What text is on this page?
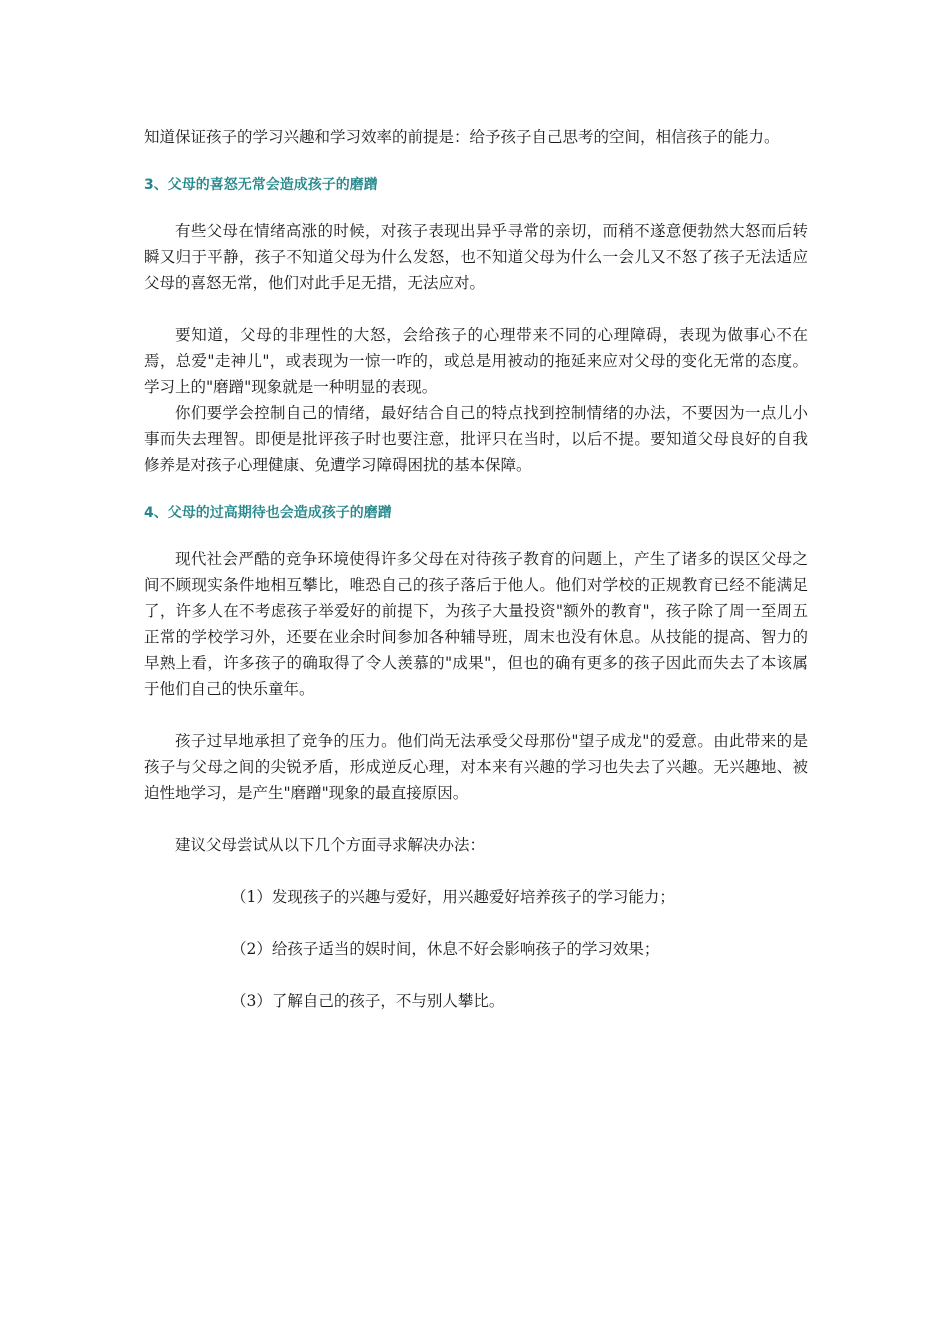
知道保证孩子的学习兴趣和学习效率的前提是：给予孩子自己思考的空间，相信孩子的能力。

3、父母的喜怒无常会造成孩子的磨蹭

有些父母在情绪高涨的时候，对孩子表现出异乎寻常的亲切，而稍不遂意便勃然大怒而后转瞬又归于平静，孩子不知道父母为什么发怒，也不知道父母为什么一会儿又不怒了孩子无法适应父母的喜怒无常，他们对此手足无措，无法应对。

要知道，父母的非理性的大怒，会给孩子的心理带来不同的心理障碍，表现为做事心不在焉，总爱"走神儿"，或表现为一惊一咋的，或总是用被动的拖延来应对父母的变化无常的态度。学习上的"磨蹭"现象就是一种明显的表现。

你们要学会控制自己的情绪，最好结合自己的特点找到控制情绪的办法，不要因为一点儿小事而失去理智。即便是批评孩子时也要注意，批评只在当时，以后不提。要知道父母良好的自我修养是对孩子心理健康、免遭学习障碍困扰的基本保障。

4、父母的过高期待也会造成孩子的磨蹭

现代社会严酷的竞争环境使得许多父母在对待孩子教育的问题上，产生了诸多的误区父母之间不顾现实条件地相互攀比，唯恐自己的孩子落后于他人。他们对学校的正规教育已经不能满足了，许多人在不考虑孩子举爱好的前提下，为孩子大量投资"额外的教育"，孩子除了周一至周五正常的学校学习外，还要在业余时间参加各种辅导班，周末也没有休息。从技能的提高、智力的早熟上看，许多孩子的确取得了令人羡慕的"成果"，但也的确有更多的孩子因此而失去了本该属于他们自己的快乐童年。

孩子过早地承担了竞争的压力。他们尚无法承受父母那份"望子成龙"的爱意。由此带来的是孩子与父母之间的尖锐矛盾，形成逆反心理，对本来有兴趣的学习也失去了兴趣。无兴趣地、被迫性地学习，是产生"磨蹭"现象的最直接原因。

建议父母尝试从以下几个方面寻求解决办法：

（1）发现孩子的兴趣与爱好，用兴趣爱好培养孩子的学习能力；

（2）给孩子适当的娱时间，休息不好会影响孩子的学习效果；

（3）了解自己的孩子，不与别人攀比。
